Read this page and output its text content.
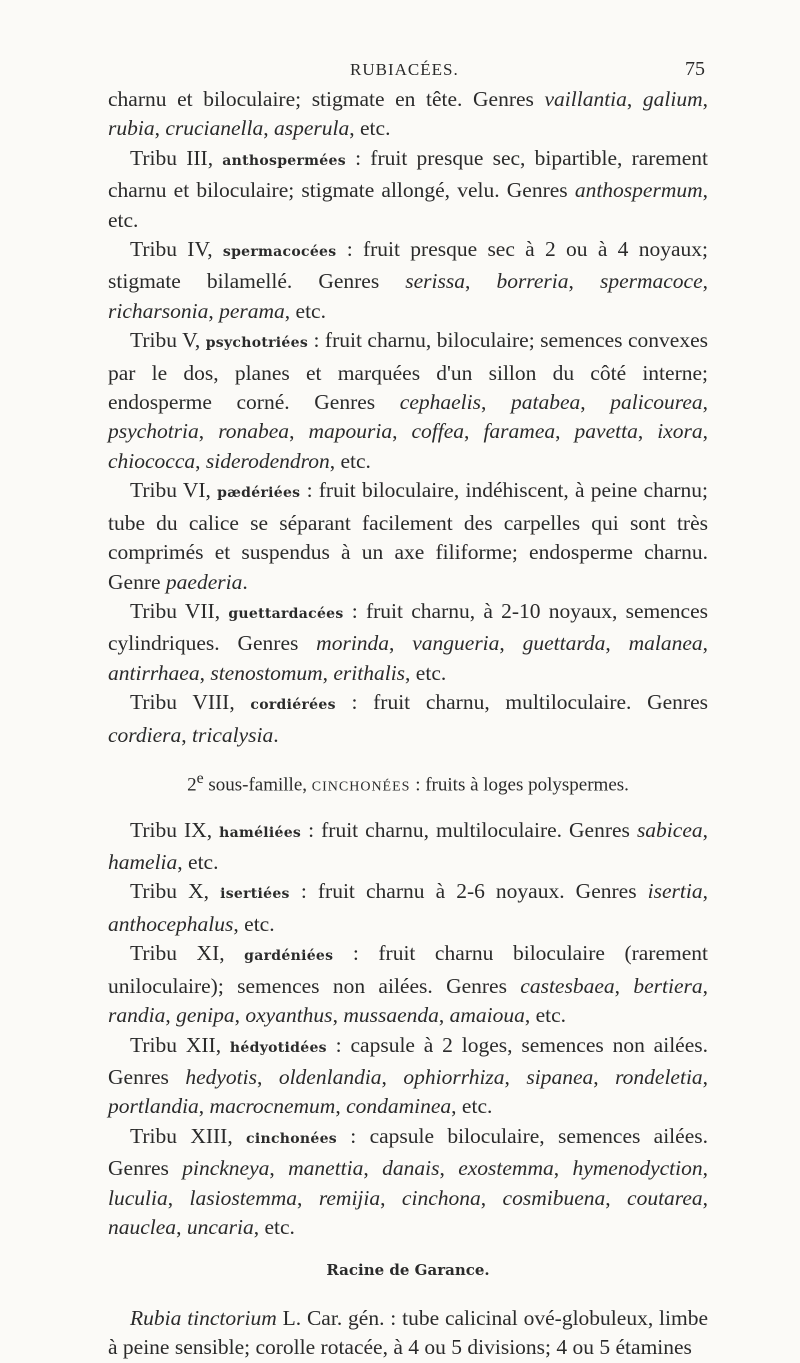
RUBIACÉES.	75

charnu et biloculaire; stigmate en tête. Genres vaillantia, galium, rubia, crucianella, asperula, etc.

Tribu III, anthospermées : fruit presque sec, bipartible, rarement charnu et biloculaire; stigmate allongé, velu. Genres anthospermum, etc.

Tribu IV, spermacocées : fruit presque sec à 2 ou à 4 noyaux; stigmate bilamellé. Genres serissa, borreria, spermacoce, richarsonia, perama, etc.

Tribu V, psychotriées : fruit charnu, biloculaire; semences convexes par le dos, planes et marquées d'un sillon du côté interne; endosperme corné. Genres cephaelis, patabea, palicourea, psychotria, ronabea, mapouria, coffea, faramea, pavetta, ixora, chiococca, siderodendron, etc.

Tribu VI, pædériées : fruit biloculaire, indéhiscent, à peine charnu; tube du calice se séparant facilement des carpelles qui sont très comprimés et suspendus à un axe filiforme; endosperme charnu. Genre paederia.

Tribu VII, guettardacées : fruit charnu, à 2-10 noyaux, semences cylindriques. Genres morinda, vangueria, guettarda, malanea, antirrhaea, stenostomum, erithalis, etc.

Tribu VIII, cordiérées : fruit charnu, multiloculaire. Genres cordiera, tricalysia.

2e sous-famille, CINCHONÉES : fruits à loges polyspermes.

Tribu IX, haméliées : fruit charnu, multiloculaire. Genres sabicea, hamelia, etc.

Tribu X, isertiées : fruit charnu à 2-6 noyaux. Genres isertia, anthocephalus, etc.

Tribu XI, gardéniées : fruit charnu biloculaire (rarement uniloculaire); semences non ailées. Genres castesbaea, bertiera, randia, genipa, oxyanthus, mussaenda, amaioua, etc.

Tribu XII, hédyotidées : capsule à 2 loges, semences non ailées. Genres hedyotis, oldenlandia, ophiorrhiza, sipanea, rondeletia, portlandia, macrocnemum, condaminea, etc.

Tribu XIII, cinchonées : capsule biloculaire, semences ailées. Genres pinckneya, manettia, danais, exostemma, hymenodyction, luculia, lasiostemma, remijia, cinchona, cosmibuena, coutarea, nauclea, uncaria, etc.

Racine de Garance.

Rubia tinctorium L. Car. gén. : tube calicinal ové-globuleux, limbe à peine sensible; corolle rotacée, à 4 ou 5 divisions; 4 ou 5 étamines
